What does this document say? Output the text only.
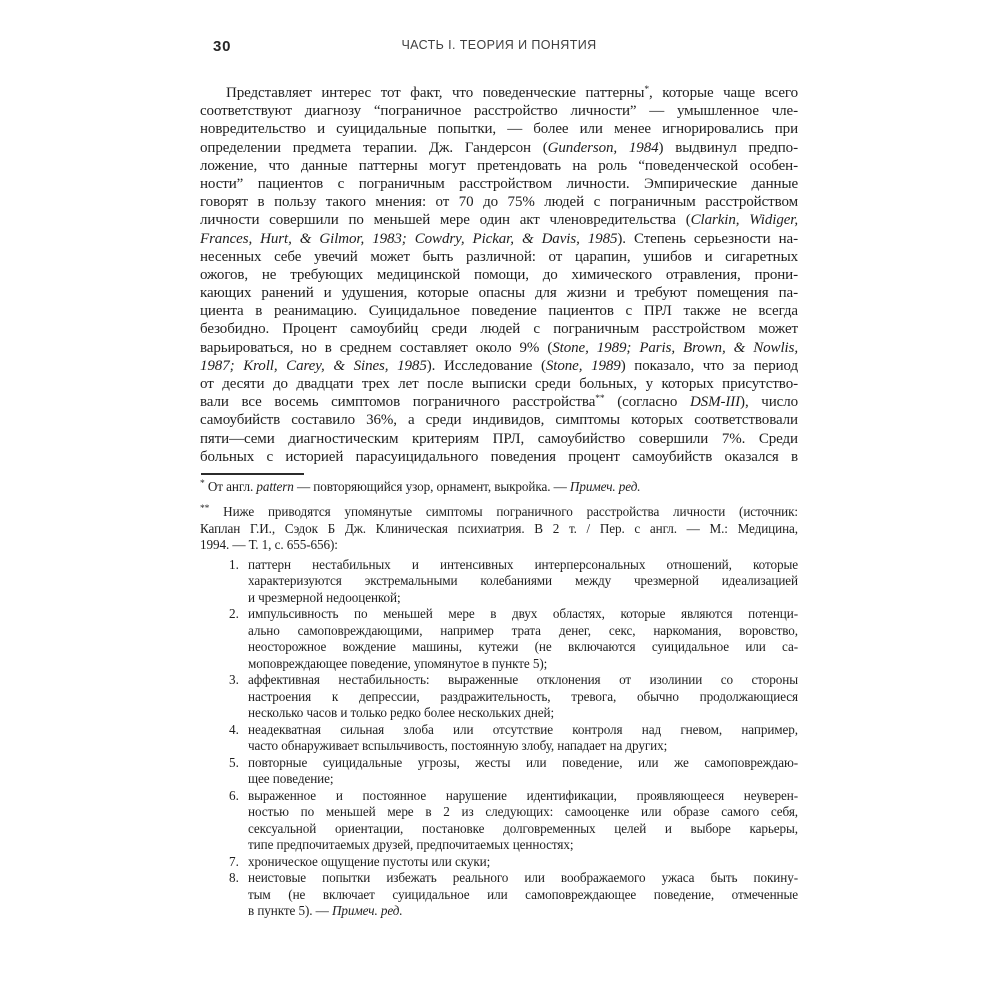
30	ЧАСТЬ I. ТЕОРИЯ И ПОНЯТИЯ
Представляет интерес тот факт, что поведенческие паттерны*, которые чаще всего
соответствуют диагнозу “пограничное расстройство личности” — умышленное чле-
новредительство и суицидальные попытки, — более или менее игнорировались при
определении предмета терапии. Дж. Гандерсон (Gunderson, 1984) выдвинул предпо-
ложение, что данные паттерны могут претендовать на роль “поведенческой особен-
ности” пациентов с пограничным расстройством личности. Эмпирические данные
говорят в пользу такого мнения: от 70 до 75% людей с пограничным расстройством
личности совершили по меньшей мере один акт членовредительства (Clarkin, Widiger,
Frances, Hurt, & Gilmor, 1983; Cowdry, Pickar, & Davis, 1985). Степень серьезности на-
несенных себе увечий может быть различной: от царапин, ушибов и сигаретных
ожогов, не требующих медицинской помощи, до химического отравления, прони-
кающих ранений и удушения, которые опасны для жизни и требуют помещения па-
циента в реанимацию. Суицидальное поведение пациентов с ПРЛ также не всегда
безобидно. Процент самоубийц среди людей с пограничным расстройством может
варьироваться, но в среднем составляет около 9% (Stone, 1989; Paris, Brown, & Nowlis,
1987; Kroll, Carey, & Sines, 1985). Исследование (Stone, 1989) показало, что за период
от десяти до двадцати трех лет после выписки среди больных, у которых присутство-
вали все восемь симптомов пограничного расстройства** (согласно DSM-III), число
самоубийств составило 36%, а среди индивидов, симптомы которых соответствовали
пяти—семи диагностическим критериям ПРЛ, самоубийство совершили 7%. Среди
больных с историей парасуицидального поведения процент самоубийств оказался в
* От англ. pattern — повторяющийся узор, орнамент, выкройка. — Примеч. ред.
** Ниже приводятся упомянутые симптомы пограничного расстройства личности (источник:
Каплан Г.И., Сэдок Б Дж. Клиническая психиатрия. В 2 т. / Пер. с англ. — М.: Медицина,
1994. — Т. 1, с. 655-656):
1. паттерн нестабильных и интенсивных интерперсональных отношений, которые
характеризуются экстремальными колебаниями между чрезмерной идеализацией
и чрезмерной недооценкой;
2. импульсивность по меньшей мере в двух областях, которые являются потенци-
ально самоповреждающими, например трата денег, секс, наркомания, воровство,
неосторожное вождение машины, кутежи (не включаются суицидальное или са-
моповреждающее поведение, упомянутое в пункте 5);
3. аффективная нестабильность: выраженные отклонения от изолинии со стороны
настроения к депрессии, раздражительность, тревога, обычно продолжающиеся
несколько часов и только редко более нескольких дней;
4. неадекватная сильная злоба или отсутствие контроля над гневом, например,
часто обнаруживает вспыльчивость, постоянную злобу, нападает на других;
5. повторные суицидальные угрозы, жесты или поведение, или же самоповреждаю-
щее поведение;
6. выраженное и постоянное нарушение идентификации, проявляющееся неуверен-
ностью по меньшей мере в 2 из следующих: самооценке или образе самого себя,
сексуальной ориентации, постановке долговременных целей и выборе карьеры,
типе предпочитаемых друзей, предпочитаемых ценностях;
7. хроническое ощущение пустоты или скуки;
8. неистовые попытки избежать реального или воображаемого ужаса быть покину-
тым (не включает суицидальное или самоповреждающее поведение, отмеченные
в пункте 5). — Примеч. ред.
